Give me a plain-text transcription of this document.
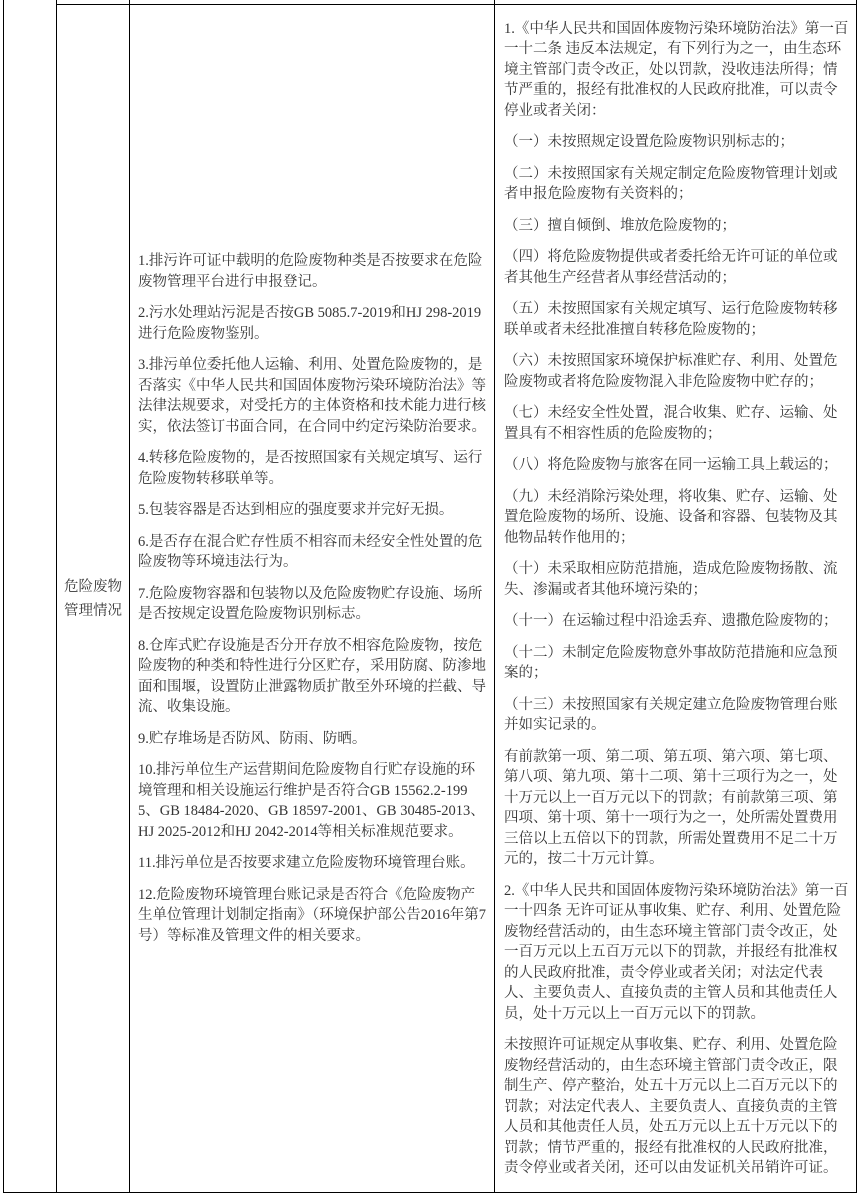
危险废物管理情况

1.排污许可证中载明的危险废物种类是否按要求在危险废物管理平台进行申报登记。

2.污水处理站污泥是否按GB 5085.7-2019和HJ 298-2019进行危险废物鉴别。

3.排污单位委托他人运输、利用、处置危险废物的，是否落实《中华人民共和国固体废物污染环境防治法》等法律法规要求，对受托方的主体资格和技术能力进行核实，依法签订书面合同，在合同中约定污染防治要求。

4.转移危险废物的，是否按照国家有关规定填写、运行危险废物转移联单等。

5.包装容器是否达到相应的强度要求并完好无损。

6.是否存在混合贮存性质不相容而未经安全性处置的危险废物等环境违法行为。

7.危险废物容器和包装物以及危险废物贮存设施、场所是否按规定设置危险废物识别标志。

8.仓库式贮存设施是否分开存放不相容危险废物，按危险废物的种类和特性进行分区贮存，采用防腐、防渗地面和围堰，设置防止泄露物质扩散至外环境的拦截、导流、收集设施。

9.贮存堆场是否防风、防雨、防晒。

10.排污单位生产运营期间危险废物自行贮存设施的环境管理和相关设施运行维护是否符合GB 15562.2-1995、GB 18484-2020、GB 18597-2001、GB 30485-2013、HJ 2025-2012和HJ 2042-2014等相关标准规范要求。

11.排污单位是否按要求建立危险废物环境管理台账。

12.危险废物环境管理台账记录是否符合《危险废物产生单位管理计划制定指南》（环境保护部公告2016年第7号）等标准及管理文件的相关要求。

1.《中华人民共和国固体废物污染环境防治法》第一百一十二条 违反本法规定，有下列行为之一，由生态环境主管部门责令改正，处以罚款，没收违法所得；情节严重的，报经有批准权的人民政府批准，可以责令停业或者关闭：

（一）未按照规定设置危险废物识别标志的；

（二）未按照国家有关规定制定危险废物管理计划或者申报危险废物有关资料的；

（三）擅自倾倒、堆放危险废物的；

（四）将危险废物提供或者委托给无许可证的单位或者其他生产经营者从事经营活动的；

（五）未按照国家有关规定填写、运行危险废物转移联单或者未经批准擅自转移危险废物的；

（六）未按照国家环境保护标准贮存、利用、处置危险废物或者将危险废物混入非危险废物中贮存的；

（七）未经安全性处置，混合收集、贮存、运输、处置具有不相容性质的危险废物的；

（八）将危险废物与旅客在同一运输工具上载运的；

（九）未经消除污染处理，将收集、贮存、运输、处置危险废物的场所、设施、设备和容器、包装物及其他物品转作他用的；

（十）未采取相应防范措施，造成危险废物扬散、流失、渗漏或者其他环境污染的；

（十一）在运输过程中沿途丢弃、遗撒危险废物的；

（十二）未制定危险废物意外事故防范措施和应急预案的；

（十三）未按照国家有关规定建立危险废物管理台账并如实记录的。

有前款第一项、第二项、第五项、第六项、第七项、第八项、第九项、第十二项、第十三项行为之一，处十万元以上一百万元以下的罚款；有前款第三项、第四项、第十项、第十一项行为之一，处所需处置费用三倍以上五倍以下的罚款，所需处置费用不足二十万元的，按二十万元计算。

2.《中华人民共和国固体废物污染环境防治法》第一百一十四条 无许可证从事收集、贮存、利用、处置危险废物经营活动的，由生态环境主管部门责令改正，处一百万元以上五百万元以下的罚款，并报经有批准权的人民政府批准，责令停业或者关闭；对法定代表人、主要负责人、直接负责的主管人员和其他责任人员，处十万元以上一百万元以下的罚款。

未按照许可证规定从事收集、贮存、利用、处置危险废物经营活动的，由生态环境主管部门责令改正，限制生产、停产整治，处五十万元以上二百万元以下的罚款；对法定代表人、主要负责人、直接负责的主管人员和其他责任人员，处五万元以上五十万元以下的罚款；情节严重的，报经有批准权的人民政府批准，责令停业或者关闭，还可以由发证机关吊销许可证。
